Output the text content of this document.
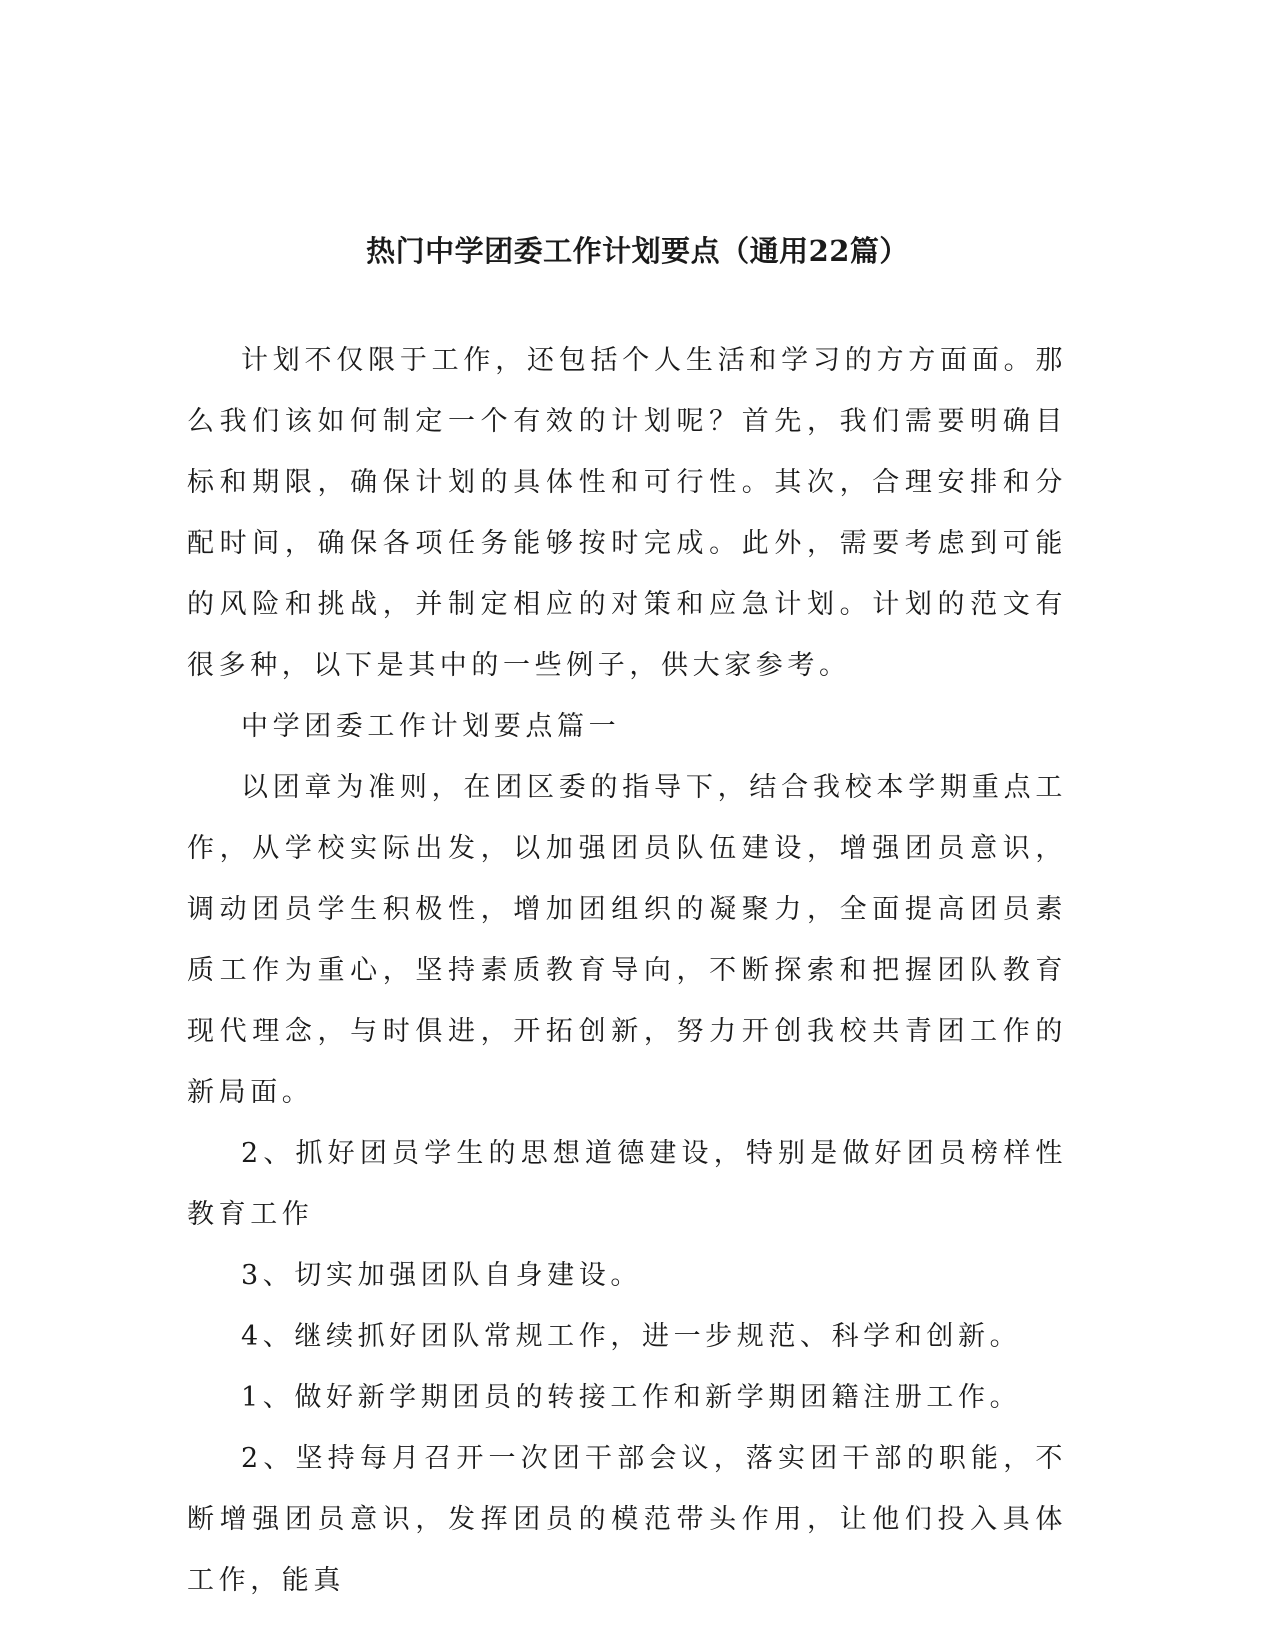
热门中学团委工作计划要点（通用22篇）

计划不仅限于工作，还包括个人生活和学习的方方面面。那么我们该如何制定一个有效的计划呢？首先，我们需要明确目标和期限，确保计划的具体性和可行性。其次，合理安排和分配时间，确保各项任务能够按时完成。此外，需要考虑到可能的风险和挑战，并制定相应的对策和应急计划。计划的范文有很多种，以下是其中的一些例子，供大家参考。

中学团委工作计划要点篇一

以团章为准则，在团区委的指导下，结合我校本学期重点工作，从学校实际出发，以加强团员队伍建设，增强团员意识，调动团员学生积极性，增加团组织的凝聚力，全面提高团员素质工作为重心，坚持素质教育导向，不断探索和把握团队教育现代理念，与时俱进，开拓创新，努力开创我校共青团工作的新局面。

2、抓好团员学生的思想道德建设，特别是做好团员榜样性教育工作

3、切实加强团队自身建设。

4、继续抓好团队常规工作，进一步规范、科学和创新。

1、做好新学期团员的转接工作和新学期团籍注册工作。

2、坚持每月召开一次团干部会议，落实团干部的职能，不断增强团员意识，发挥团员的模范带头作用，让他们投入具体工作，能真
